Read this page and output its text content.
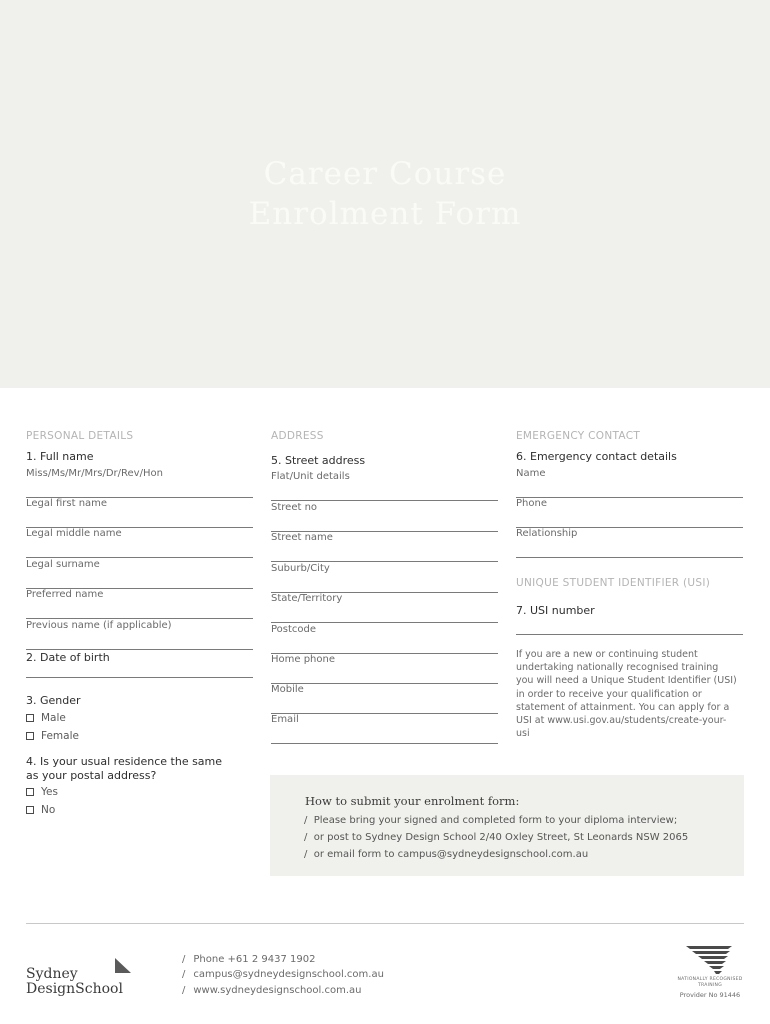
Career Course
Enrolment Form
PERSONAL DETAILS
1. Full name
Miss/Ms/Mr/Mrs/Dr/Rev/Hon
Legal first name
Legal middle name
Legal surname
Preferred name
Previous name (if applicable)
2. Date of birth
3. Gender
Male
Female
4. Is your usual residence the same as your postal address?
Yes
No
ADDRESS
5. Street address
Flat/Unit details
Street no
Street name
Suburb/City
State/Territory
Postcode
Home phone
Mobile
Email
EMERGENCY CONTACT
6. Emergency contact details
Name
Phone
Relationship
UNIQUE STUDENT IDENTIFIER (USI)
7. USI number
If you are a new or continuing student undertaking nationally recognised training you will need a Unique Student Identifier (USI) in order to receive your qualification or statement of attainment. You can apply for a USI at www.usi.gov.au/students/create-your-usi
How to submit your enrolment form:
/ Please bring your signed and completed form to your diploma interview;
/ or post to Sydney Design School 2/40 Oxley Street, St Leonards NSW 2065
/ or email form to campus@sydneydesignschool.com.au
Sydney
DesignSchool
/ Phone +61 2 9437 1902
/ campus@sydneydesignschool.com.au
/ www.sydneydesignschool.com.au
NATIONALLY RECOGNISED
TRAINING
Provider No 91446
